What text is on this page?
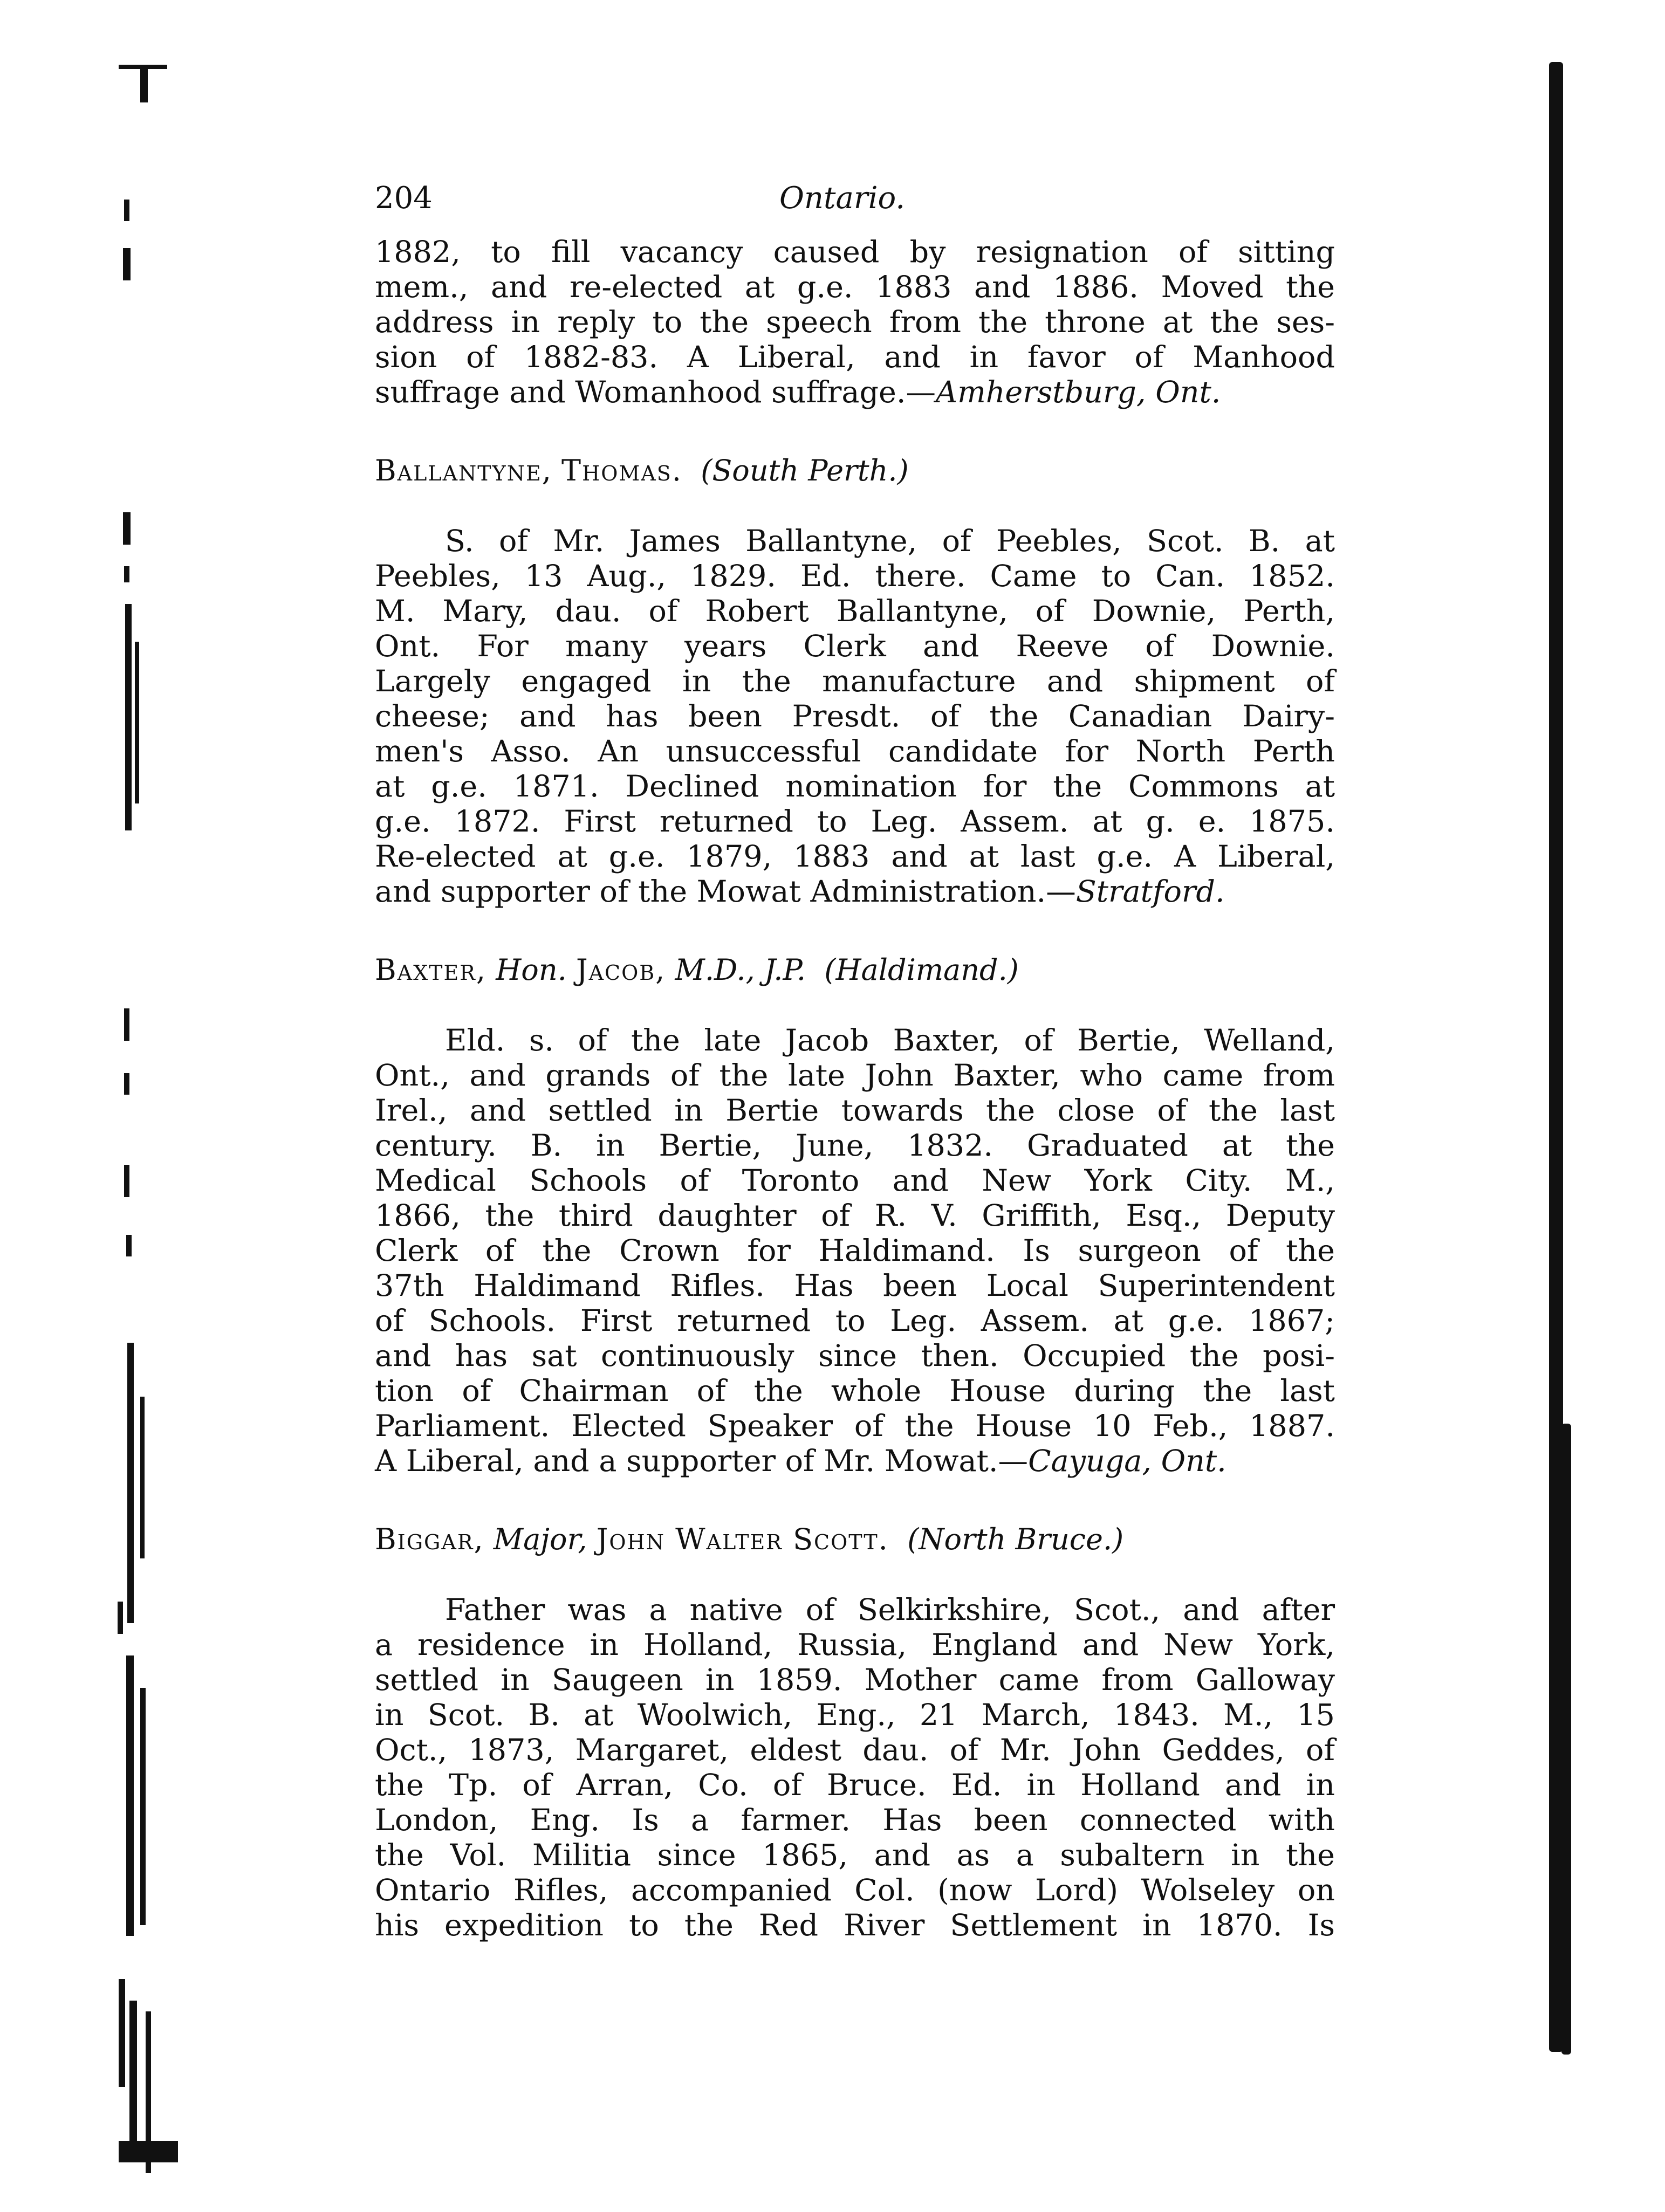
204	Ontario.
1882, to fill vacancy caused by resignation of sitting
mem., and re-elected at g.e. 1883 and 1886. Moved the
address in reply to the speech from the throne at the ses-
sion of 1882-83. A Liberal, and in favor of Manhood
suffrage and Womanhood suffrage.—Amherstburg, Ont.

Ballantyne, Thomas. (South Perth.)

S. of Mr. James Ballantyne, of Peebles, Scot. B. at
Peebles, 13 Aug., 1829. Ed. there. Came to Can. 1852.
M. Mary, dau. of Robert Ballantyne, of Downie, Perth,
Ont. For many years Clerk and Reeve of Downie.
Largely engaged in the manufacture and shipment of
cheese; and has been Presdt. of the Canadian Dairy-
men's Asso. An unsuccessful candidate for North Perth
at g.e. 1871. Declined nomination for the Commons at
g.e. 1872. First returned to Leg. Assem. at g. e. 1875.
Re-elected at g.e. 1879, 1883 and at last g.e. A Liberal,
and supporter of the Mowat Administration.—Stratford.

Baxter, Hon. Jacob, M.D., J.P. (Haldimand.)

Eld. s. of the late Jacob Baxter, of Bertie, Welland,
Ont., and grands of the late John Baxter, who came from
Irel., and settled in Bertie towards the close of the last
century. B. in Bertie, June, 1832. Graduated at the
Medical Schools of Toronto and New York City. M.,
1866, the third daughter of R. V. Griffith, Esq., Deputy
Clerk of the Crown for Haldimand. Is surgeon of the
37th Haldimand Rifles. Has been Local Superintendent
of Schools. First returned to Leg. Assem. at g.e. 1867;
and has sat continuously since then. Occupied the posi-
tion of Chairman of the whole House during the last
Parliament. Elected Speaker of the House 10 Feb., 1887.
A Liberal, and a supporter of Mr. Mowat.—Cayuga, Ont.

Biggar, Major, John Walter Scott. (North Bruce.)

Father was a native of Selkirkshire, Scot., and after
a residence in Holland, Russia, England and New York,
settled in Saugeen in 1859. Mother came from Galloway
in Scot. B. at Woolwich, Eng., 21 March, 1843. M., 15
Oct., 1873, Margaret, eldest dau. of Mr. John Geddes, of
the Tp. of Arran, Co. of Bruce. Ed. in Holland and in
London, Eng. Is a farmer. Has been connected with
the Vol. Militia since 1865, and as a subaltern in the
Ontario Rifles, accompanied Col. (now Lord) Wolseley on
his expedition to the Red River Settlement in 1870. Is
